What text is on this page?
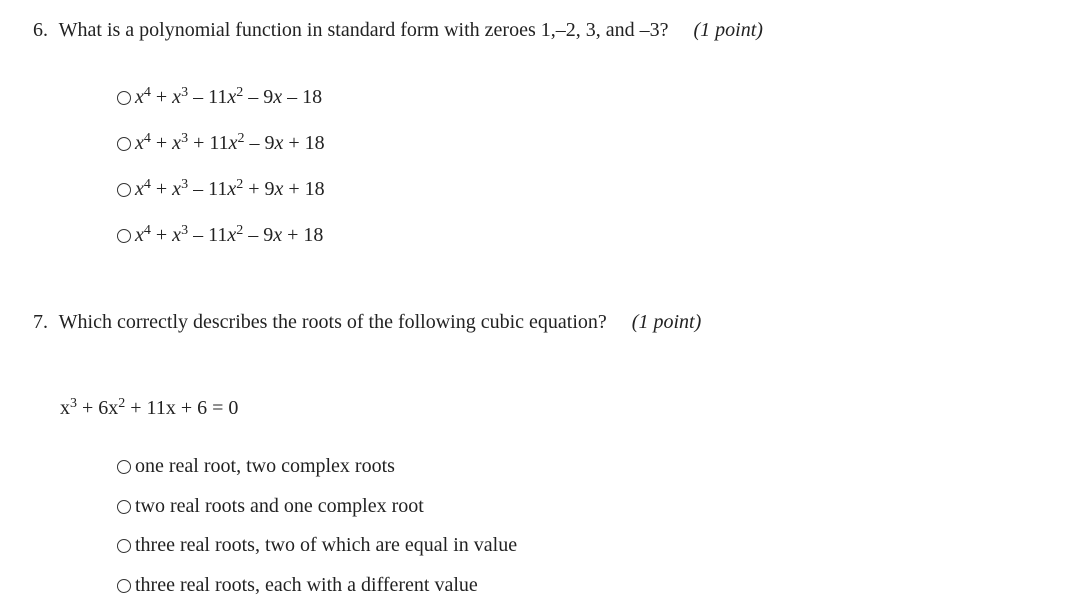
6. What is a polynomial function in standard form with zeroes 1,–2, 3, and –3? (1 point)
$x^4 + x^3 - 11x^2 - 9x - 18$
$x^4 + x^3 + 11x^2 - 9x + 18$
$x^4 + x^3 - 11x^2 + 9x + 18$
$x^4 + x^3 - 11x^2 - 9x + 18$
7. Which correctly describes the roots of the following cubic equation? (1 point)
$x^3 + 6x^2 + 11x + 6 = 0$
one real root, two complex roots
two real roots and one complex root
three real roots, two of which are equal in value
three real roots, each with a different value
